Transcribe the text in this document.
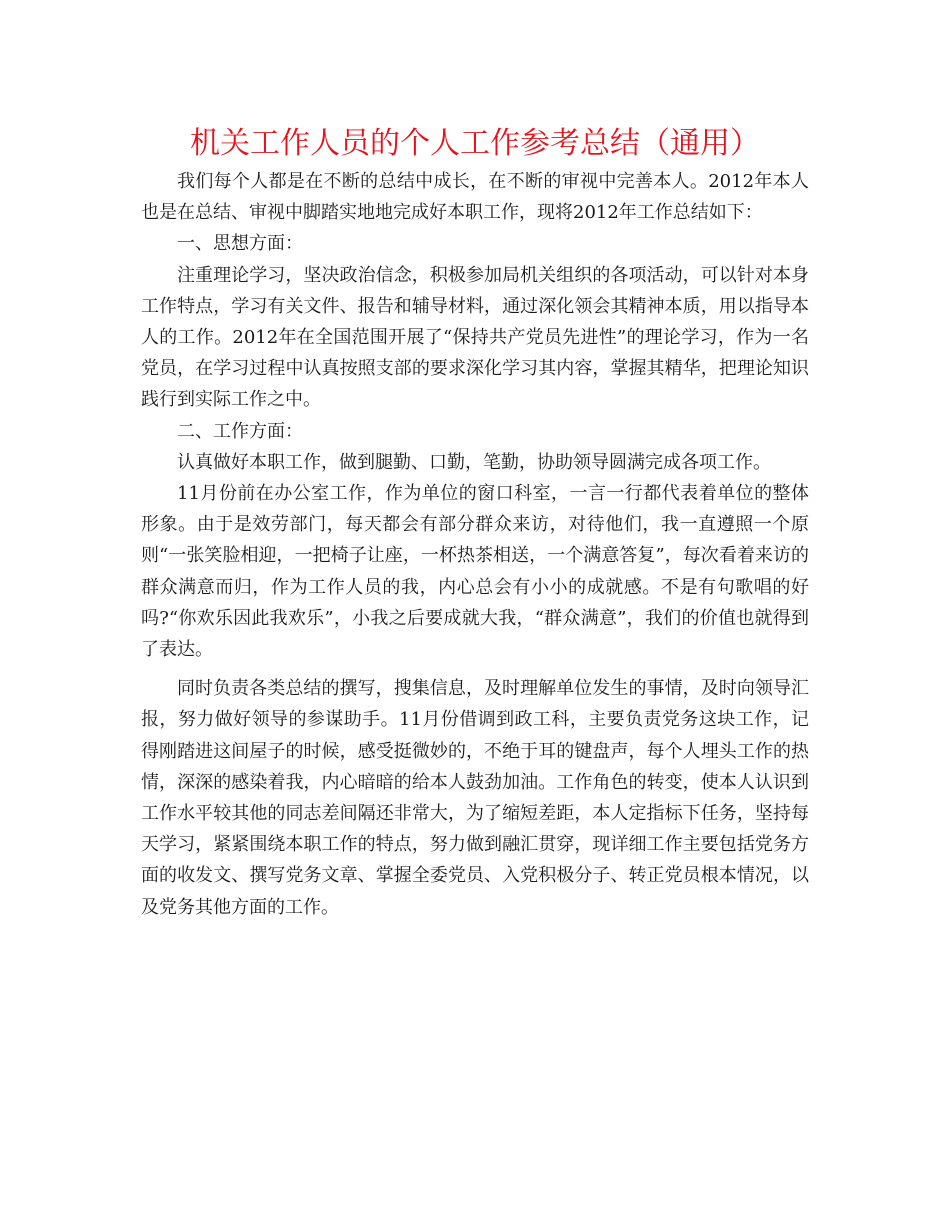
机关工作人员的个人工作参考总结（通用）

我们每个人都是在不断的总结中成长，在不断的审视中完善本人。2012年本人也是在总结、审视中脚踏实地地完成好本职工作，现将2012年工作总结如下：

一、思想方面：

注重理论学习，坚决政治信念，积极参加局机关组织的各项活动，可以针对本身工作特点，学习有关文件、报告和辅导材料，通过深化领会其精神本质，用以指导本人的工作。2012年在全国范围开展了“保持共产党员先进性”的理论学习，作为一名党员，在学习过程中认真按照支部的要求深化学习其内容，掌握其精华，把理论知识践行到实际工作之中。

二、工作方面：

认真做好本职工作，做到腿勤、口勤，笔勤，协助领导圆满完成各项工作。

11月份前在办公室工作，作为单位的窗口科室，一言一行都代表着单位的整体形象。由于是效劳部门，每天都会有部分群众来访，对待他们，我一直遵照一个原则“一张笑脸相迎，一把椅子让座，一杯热茶相送，一个满意答复”，每次看着来访的群众满意而归，作为工作人员的我，内心总会有小小的成就感。不是有句歌唱的好吗?“你欢乐因此我欢乐”，小我之后要成就大我，“群众满意”，我们的价值也就得到了表达。

同时负责各类总结的撰写，搜集信息，及时理解单位发生的事情，及时向领导汇报，努力做好领导的参谋助手。11月份借调到政工科，主要负责党务这块工作，记得刚踏进这间屋子的时候，感受挺微妙的，不绝于耳的键盘声，每个人埋头工作的热情，深深的感染着我，内心暗暗的给本人鼓劲加油。工作角色的转变，使本人认识到工作水平较其他的同志差间隔还非常大，为了缩短差距，本人定指标下任务，坚持每天学习，紧紧围绕本职工作的特点，努力做到融汇贯穿，现详细工作主要包括党务方面的收发文、撰写党务文章、掌握全委党员、入党积极分子、转正党员根本情况，以及党务其他方面的工作。
